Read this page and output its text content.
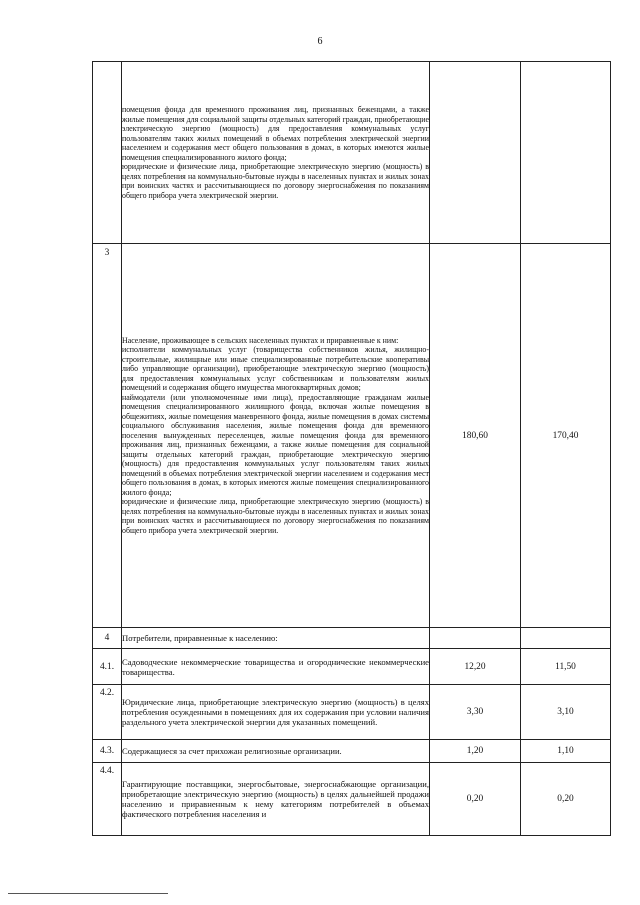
6

	помещения фонда для временного проживания лиц, признанных беженцами, а также жилые помещения для социальной защиты отдельных категорий граждан, приобретающие электрическую энергию (мощность) для предоставления коммунальных услуг пользователям таких жилых помещений в объемах потребления электрической энергии населением и содержания мест общего пользования в домах, в которых имеются жилые помещения специализированного жилого фонда;

юридические и физические лица, приобретающие электрическую энергию (мощность) в целях потребления на коммунально-бытовые нужды в населенных пунктах и жилых зонах при воинских частях и рассчитывающиеся по договору энергоснабжения по показаниям общего прибора учета электрической энергии.		

3	Население, проживающее в сельских населенных пунктах и приравненные к ним:

исполнители коммунальных услуг (товарищества собственников жилья, жилищно-строительные, жилищные или иные специализированные потребительские кооперативы либо управляющие организации), приобретающие электрическую энергию (мощность) для предоставления коммунальных услуг собственникам и пользователям жилых помещений и содержания общего имущества многоквартирных домов;

наймодатели (или уполномоченные ими лица), предоставляющие гражданам жилые помещения специализированного жилищного фонда, включая жилые помещения в общежитиях, жилые помещения маневренного фонда, жилые помещения в домах системы социального обслуживания населения, жилые помещения фонда для временного поселения вынужденных переселенцев, жилые помещения фонда для временного проживания лиц, признанных беженцами, а также жилые помещения для социальной защиты отдельных категорий граждан, приобретающие электрическую энергию (мощность) для предоставления коммунальных услуг пользователям таких жилых помещений в объемах потребления электрической энергии населением и содержания мест общего пользования в домах, в которых имеются жилые помещения специализированного жилого фонда;

юридические и физические лица, приобретающие электрическую энергию (мощность) в целях потребления на коммунально-бытовые нужды в населенных пунктах и жилых зонах при воинских частях и рассчитывающиеся по договору энергоснабжения по показаниям общего прибора учета электрической энергии.	180,60	170,40
4	Потребители, приравненные к населению:		

4.1.	Садоводческие некоммерческие товарищества и огороднические некоммерческие товарищества.	12,20	11,50
4.2.	Юридические лица, приобретающие электрическую энергию (мощность) в целях потребления осужденными в помещениях для их содержания при условии наличия раздельного учета электрической энергии для указанных помещений.	3,30	3,10
4.3.	Содержащиеся за счет прихожан религиозные организации.	1,20	1,10
4.4.	Гарантирующие поставщики, энергосбытовые, энергоснабжающие организации, приобретающие электрическую энергию (мощность) в целях дальнейшей продажи населению и приравненным к нему категориям потребителей в объемах фактического потребления населения и	0,20	0,20
